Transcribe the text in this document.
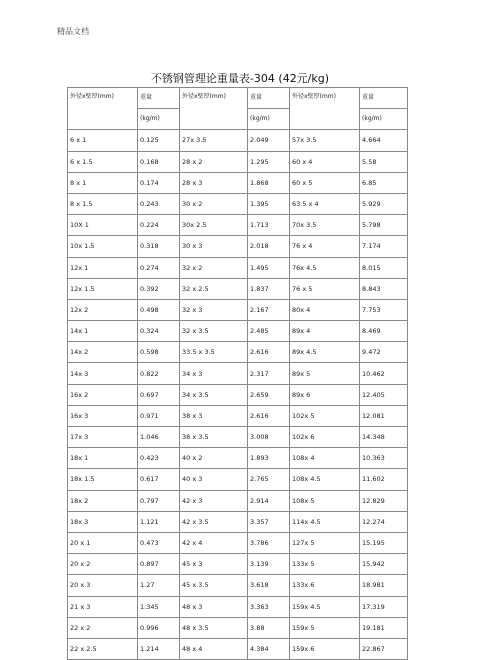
精品文档
不锈钢管理论重量表-304 (42元/kg)
外径x壁厚(mm)	重量	外径x壁厚(mm)	重量	外径x壁厚(mm)	重量
	(kg/m)		(kg/m)		(kg/m)
6 x 1	0.125	27x 3.5	2.049	57x 3.5	4.664
6 x 1.5	0.168	28 x 2	1.295	60 x 4	5.58
8 x 1	0.174	28 x 3	1.868	60 x 5	6.85
8 x 1.5	0.243	30 x 2	1.395	63.5 x 4	5.929
10X 1	0.224	30x 2.5	1.713	70x 3.5	5.798
10x 1.5	0.318	30 x 3	2.018	76 x 4	7.174
12x 1	0.274	32 x 2	1.495	76x 4.5	8.015
12x 1.5	0.392	32 x 2.5	1.837	76 x 5	8.843
12x 2	0.498	32 x 3	2.167	80x 4	7.753
14x 1	0.324	32 x 3.5	2.485	89x 4	8.469
14x 2	0.598	33.5 x 3.5	2.616	89x 4.5	9.472
14x 3	0.822	34 x 3	2.317	89x 5	10.462
16x 2	0.697	34 x 3.5	2.659	89x 6	12.405
16x 3	0.971	38 x 3	2.616	102x 5	12.081
17x 3	1.046	38 x 3.5	3.008	102x 6	14.348
18x 1	0.423	40 x 2	1.893	108x 4	10.363
18x 1.5	0.617	40 x 3	2.765	108x 4.5	11.602
18x 2	0.797	42 x 3	2.914	108x 5	12.829
18x 3	1.121	42 x 3.5	3.357	114x 4.5	12.274
20 x 1	0.473	42 x 4	3.786	127x 5	15.195
20 x 2	0.897	45 x 3	3.139	133x 5	15.942
20 x 3	1.27	45 x 3.5	3.618	133x 6	18.981
21 x 3	1.345	48 x 3	3.363	159x 4.5	17.319
22 x 2	0.996	48 x 3.5	3.88	159x 5	19.181
22 x 2.5	1.214	48 x 4	4.384	159x 6	22.867
